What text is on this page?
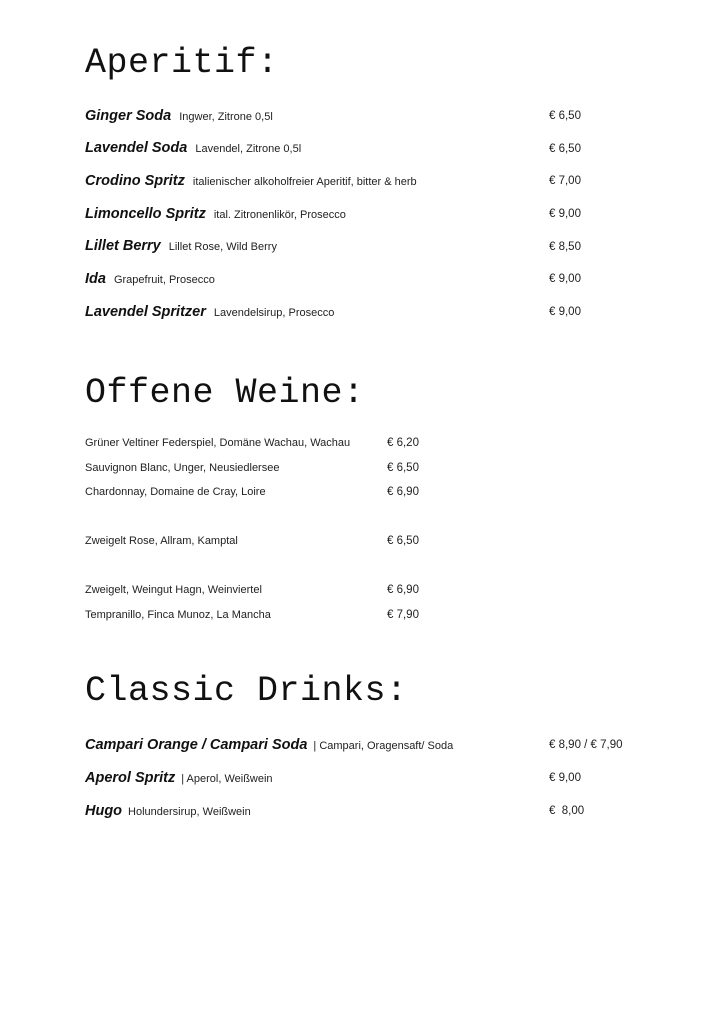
Aperitif:
Ginger Soda Ingwer, Zitrone 0,5l	€ 6,50
Lavendel Soda Lavendel, Zitrone 0,5l	€ 6,50
Crodino Spritz italienischer alkoholfreier Aperitif, bitter & herb	€ 7,00
Limoncello Spritz ital. Zitronenlikör, Prosecco	€ 9,00
Lillet Berry Lillet Rose, Wild Berry	€ 8,50
Ida Grapefruit, Prosecco	€ 9,00
Lavendel Spritzer Lavendelsirup, Prosecco	€ 9,00
Offene Weine:
Grüner Veltiner Federspiel, Domäne Wachau, Wachau	€ 6,20
Sauvignon Blanc, Unger, Neusiedlersee	€ 6,50
Chardonnay, Domaine de Cray, Loire	€ 6,90
Zweigelt Rose, Allram, Kamptal	€ 6,50
Zweigelt, Weingut Hagn, Weinviertel	€ 6,90
Tempranillo, Finca Munoz, La Mancha	€ 7,90
Classic Drinks:
Campari Orange / Campari Soda | Campari, Oragensaft/ Soda	€ 8,90 / € 7,90
Aperol Spritz | Aperol, Weißwein	€ 9,00
Hugo Holundersirup, Weißwein	€  8,00
